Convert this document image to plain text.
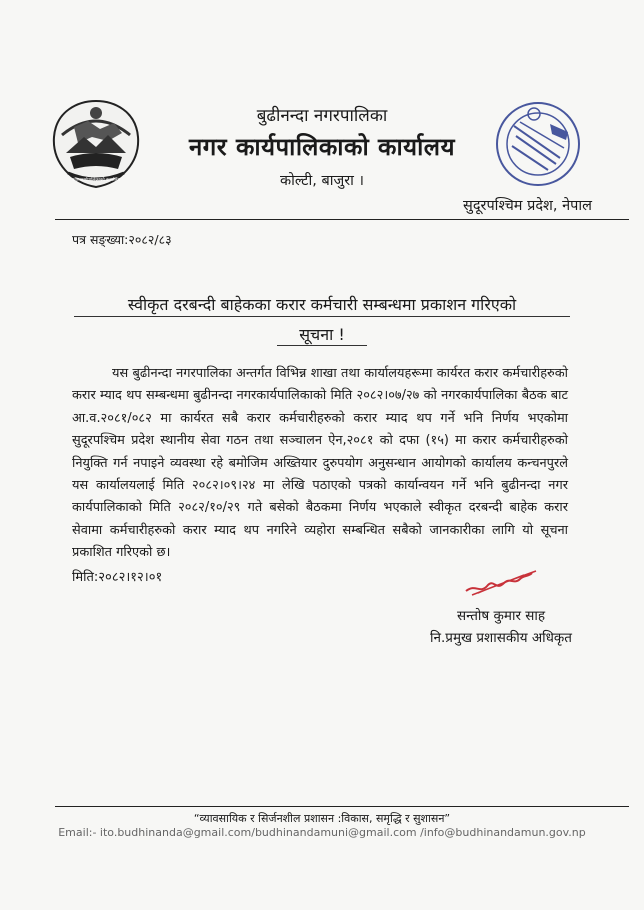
नगर कार्यपालिकाको कार्यालय
बुढीनन्दा नगरपालिका
नगर कार्यपालिकाको कार्यालय
कोल्टी, बाजुरा ।
सुदूरपश्चिम प्रदेश, नेपाल
पत्र सङ्ख्या:२०८२/८३
स्वीकृत दरबन्दी बाहेकका करार कर्मचारी सम्बन्धमा प्रकाशन गरिएको
सूचना !

यस बुढीनन्दा नगरपालिका अन्तर्गत विभिन्न शाखा तथा कार्यालयहरूमा कार्यरत करार कर्मचारीहरुको करार म्याद थप सम्बन्धमा बुढीनन्दा नगरकार्यपालिकाको मिति २०८२।०७/२७ को नगरकार्यपालिका बैठक बाट आ.व.२०८१/०८२ मा कार्यरत सबै करार कर्मचारीहरुको करार म्याद थप गर्ने भनि निर्णय भएकोमा सुदूरपश्चिम प्रदेश स्थानीय सेवा गठन तथा सञ्चालन ऐन,२०८१ को दफा (१५) मा करार कर्मचारीहरुको नियुक्ति गर्न नपाइने व्यवस्था रहे बमोजिम अख्तियार दुरुपयोग अनुसन्धान आयोगको कार्यालय कन्चनपुरले यस कार्यालयलाई मिति २०८२।०९।२४ मा लेखि पठाएको पत्रको कार्यान्वयन गर्ने भनि बुढीनन्दा नगर कार्यपालिकाको मिति २०८२/१०/२९ गते बसेको बैठकमा निर्णय भएकाले स्वीकृत दरबन्दी बाहेक करार सेवामा कर्मचारीहरुको करार म्याद थप नगरिने व्यहोरा सम्बन्धित सबैको जानकारीका लागि यो सूचना प्रकाशित गरिएको छ।

मिति:२०८२।१२।०१
सन्तोष कुमार साह
नि.प्रमुख प्रशासकीय अधिकृत
“व्यावसायिक र सिर्जनशील प्रशासन :विकास, समृद्धि र सुशासन”
Email:- ito.budhinanda@gmail.com/budhinandamuni@gmail.com /info@budhinandamun.gov.np
